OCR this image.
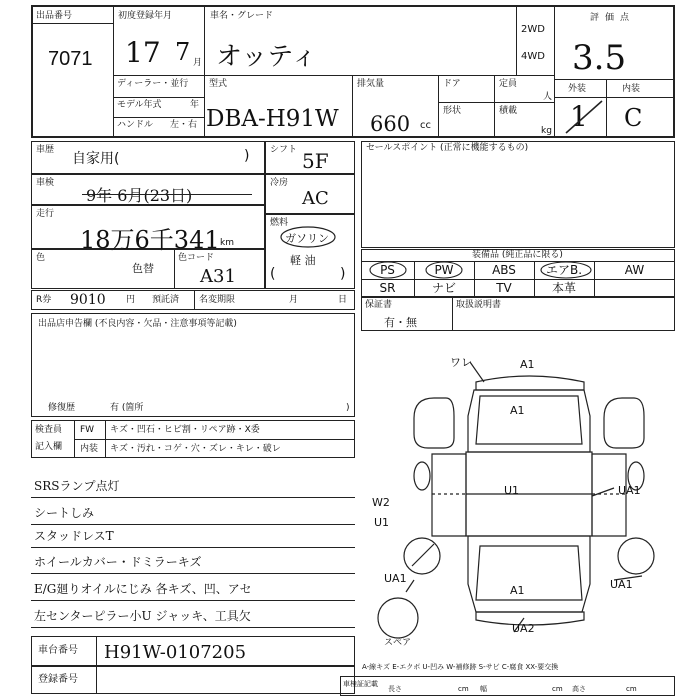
出品番号
7071
初度登録年月
17 7 月
車名・グレード
オッティ
2WD
4WD
評価点
3.5
ディーラー・並行
モデル年式	年
ハンドル 左・右
型式
DBA-H91W
排気量
660 cc
ドア
形状
定員
人
積載
kg
外装	内装
1 C
車歴
自家用(	)
車検
9年 6月(23日)
走行
18万6千341 km
色
色替
色コード
A31
シフト 5F
冷房
AC
燃料
ガソリン
軽 油
(	)
R券 9010 円 預託済 名変期限	月	日
出品店申告欄 (不良内容・欠品・注意事項等記載)
修復歴	有 (箇所	)
検査員
記入欄
FW キズ・凹石・ヒビ割・リペア跡・X委
内装 キズ・汚れ・コゲ・穴・ズレ・キレ・破レ
SRSランプ点灯
シートしみ
スタッドレスT
ホイールカバー・ドミラーキズ
E/G廻りオイルにじみ 各キズ、凹、アセ
左センターピラー小U ジャッキ、工具欠
車台番号 H91W-0107205
登録番号
セールスポイント (正常に機能するもの)
装備品 (純正品に限る)
PS	PW	ABS	エアB.	AW
SR	ナビ	TV	本革
保証書
有・無
取扱説明書
ワレ	A1
A1
U1
W2
U1
UA1
UA1	UA1
A1
UA2
スペア
A-線キズ E-エクボ U-凹み W-補修跡 S-サビ C-腐食 XX-要交換
車検証記載
長さ	cm 幅	cm 高さ	cm
